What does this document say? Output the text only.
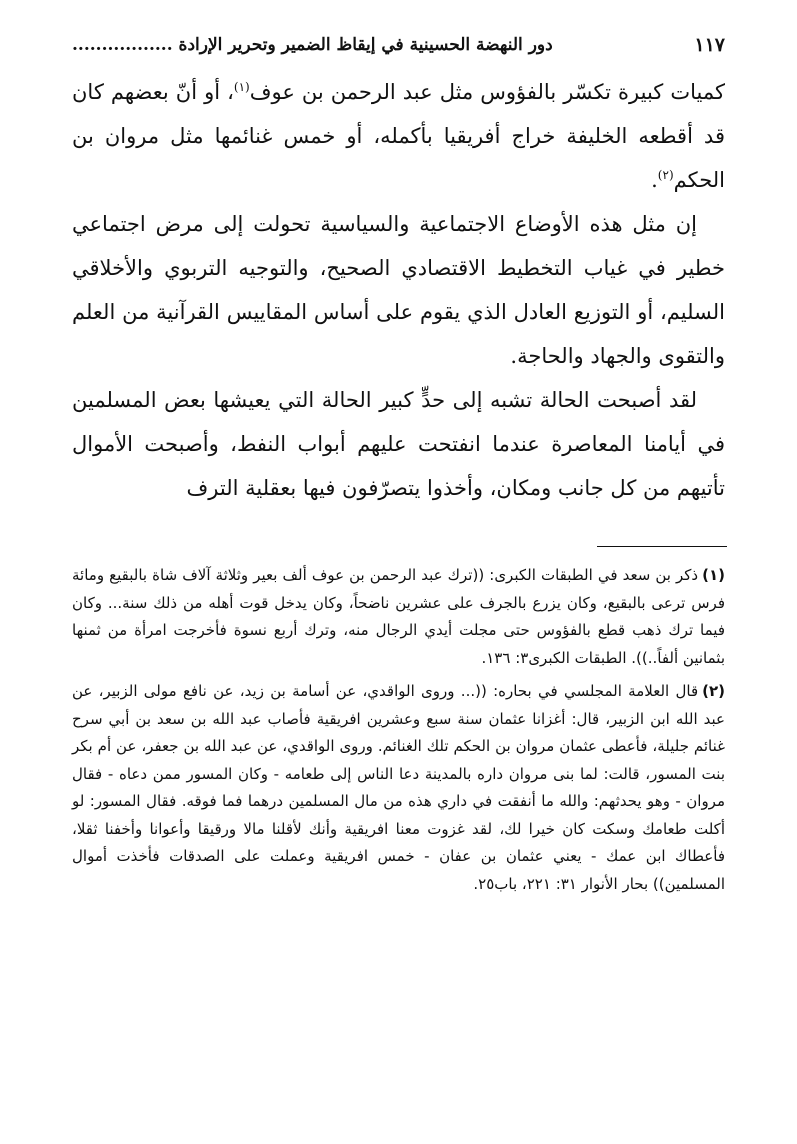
١١٧
دور النهضة الحسينية في إيقاظ الضمير وتحرير الإرادة .................

كميات كبيرة تكسّر بالفؤوس مثل عبد الرحمن بن عوف$^{(١)}$، أو أنّ بعضهم كان قد أقطعه الخليفة خراج أفريقيا بأكمله، أو خمس غنائمها مثل مروان بن الحكم$^{(٢)}$.

إن مثل هذه الأوضاع الاجتماعية والسياسية تحولت إلى مرض اجتماعي خطير في غياب التخطيط الاقتصادي الصحيح، والتوجيه التربوي والأخلاقي السليم، أو التوزيع العادل الذي يقوم على أساس المقاييس القرآنية من العلم والتقوى والجهاد والحاجة.

لقد أصبحت الحالة تشبه إلى حدٍّ كبير الحالة التي يعيشها بعض المسلمين في أيامنا المعاصرة عندما انفتحت عليهم أبواب النفط، وأصبحت الأموال تأتيهم من كل جانب ومكان، وأخذوا يتصرّفون فيها بعقلية الترف

(١)ذكر بن سعد في الطبقات الكبرى: ((ترك عبد الرحمن بن عوف ألف بعير وثلاثة آلاف شاة بالبقيع ومائة فرس ترعى بالبقيع، وكان يزرع بالجرف على عشرين ناضحاً، وكان يدخل قوت أهله من ذلك سنة... وكان فيما ترك ذهب قطع بالفؤوس حتى مجلت أيدي الرجال منه، وترك أربع نسوة فأخرجت امرأة من ثمنها بثمانين ألفاً..)). الطبقات الكبرى٣: ١٣٦.

(٢)قال العلامة المجلسي في بحاره: ((... وروى الواقدي، عن أسامة بن زيد، عن نافع مولى الزبير، عن عبد الله ابن الزبير، قال: أغزانا عثمان سنة سبع وعشرين افريقية فأصاب عبد الله بن سعد بن أبي سرح غنائم جليلة، فأعطى عثمان مروان بن الحكم تلك الغنائم. وروى الواقدي، عن عبد الله بن جعفر، عن أم بكر بنت المسور، قالت: لما بنى مروان داره بالمدينة دعا الناس إلى طعامه - وكان المسور ممن دعاه - فقال مروان - وهو يحدثهم: والله ما أنفقت في داري هذه من مال المسلمين درهما فما فوقه. فقال المسور: لو أكلت طعامك وسكت كان خيرا لك، لقد غزوت معنا افريقية وأنك لأقلنا مالا ورقيقا وأعوانا وأخفنا ثقلا، فأعطاك ابن عمك - يعني عثمان بن عفان - خمس افريقية وعملت على الصدقات فأخذت أموال المسلمين)) بحار الأنوار ٣١: ٢٢١، باب٢٥.
